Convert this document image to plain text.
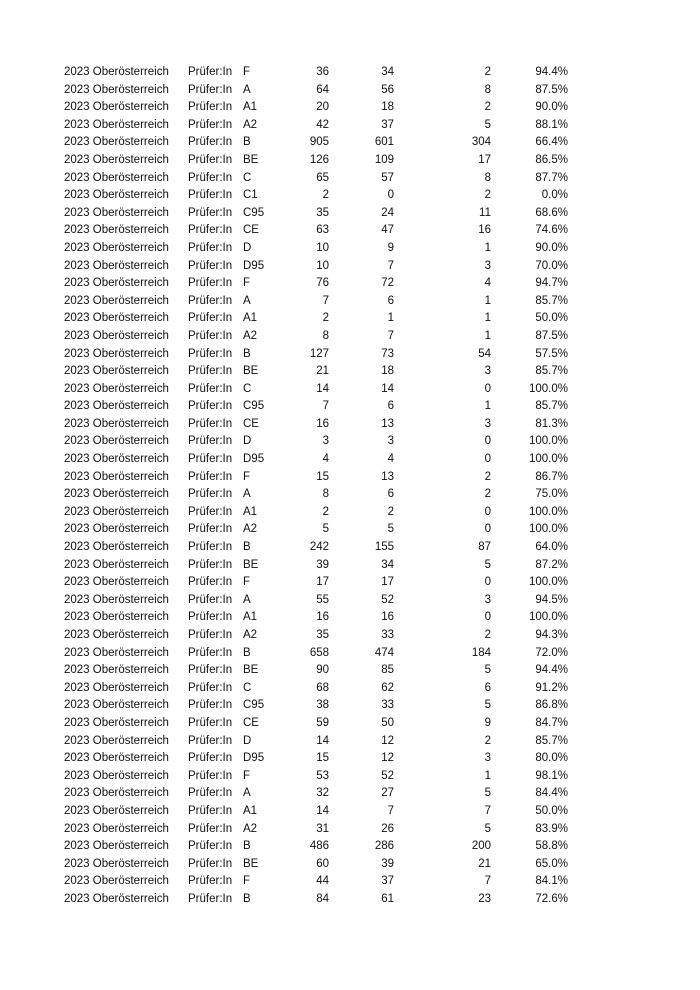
2023 Oberösterreich	Prüfer:In	F	36	34	2	94.4%
2023 Oberösterreich	Prüfer:In	A	64	56	8	87.5%
2023 Oberösterreich	Prüfer:In	A1	20	18	2	90.0%
2023 Oberösterreich	Prüfer:In	A2	42	37	5	88.1%
2023 Oberösterreich	Prüfer:In	B	905	601	304	66.4%
2023 Oberösterreich	Prüfer:In	BE	126	109	17	86.5%
2023 Oberösterreich	Prüfer:In	C	65	57	8	87.7%
2023 Oberösterreich	Prüfer:In	C1	2	0	2	0.0%
2023 Oberösterreich	Prüfer:In	C95	35	24	11	68.6%
2023 Oberösterreich	Prüfer:In	CE	63	47	16	74.6%
2023 Oberösterreich	Prüfer:In	D	10	9	1	90.0%
2023 Oberösterreich	Prüfer:In	D95	10	7	3	70.0%
2023 Oberösterreich	Prüfer:In	F	76	72	4	94.7%
2023 Oberösterreich	Prüfer:In	A	7	6	1	85.7%
2023 Oberösterreich	Prüfer:In	A1	2	1	1	50.0%
2023 Oberösterreich	Prüfer:In	A2	8	7	1	87.5%
2023 Oberösterreich	Prüfer:In	B	127	73	54	57.5%
2023 Oberösterreich	Prüfer:In	BE	21	18	3	85.7%
2023 Oberösterreich	Prüfer:In	C	14	14	0	100.0%
2023 Oberösterreich	Prüfer:In	C95	7	6	1	85.7%
2023 Oberösterreich	Prüfer:In	CE	16	13	3	81.3%
2023 Oberösterreich	Prüfer:In	D	3	3	0	100.0%
2023 Oberösterreich	Prüfer:In	D95	4	4	0	100.0%
2023 Oberösterreich	Prüfer:In	F	15	13	2	86.7%
2023 Oberösterreich	Prüfer:In	A	8	6	2	75.0%
2023 Oberösterreich	Prüfer:In	A1	2	2	0	100.0%
2023 Oberösterreich	Prüfer:In	A2	5	5	0	100.0%
2023 Oberösterreich	Prüfer:In	B	242	155	87	64.0%
2023 Oberösterreich	Prüfer:In	BE	39	34	5	87.2%
2023 Oberösterreich	Prüfer:In	F	17	17	0	100.0%
2023 Oberösterreich	Prüfer:In	A	55	52	3	94.5%
2023 Oberösterreich	Prüfer:In	A1	16	16	0	100.0%
2023 Oberösterreich	Prüfer:In	A2	35	33	2	94.3%
2023 Oberösterreich	Prüfer:In	B	658	474	184	72.0%
2023 Oberösterreich	Prüfer:In	BE	90	85	5	94.4%
2023 Oberösterreich	Prüfer:In	C	68	62	6	91.2%
2023 Oberösterreich	Prüfer:In	C95	38	33	5	86.8%
2023 Oberösterreich	Prüfer:In	CE	59	50	9	84.7%
2023 Oberösterreich	Prüfer:In	D	14	12	2	85.7%
2023 Oberösterreich	Prüfer:In	D95	15	12	3	80.0%
2023 Oberösterreich	Prüfer:In	F	53	52	1	98.1%
2023 Oberösterreich	Prüfer:In	A	32	27	5	84.4%
2023 Oberösterreich	Prüfer:In	A1	14	7	7	50.0%
2023 Oberösterreich	Prüfer:In	A2	31	26	5	83.9%
2023 Oberösterreich	Prüfer:In	B	486	286	200	58.8%
2023 Oberösterreich	Prüfer:In	BE	60	39	21	65.0%
2023 Oberösterreich	Prüfer:In	F	44	37	7	84.1%
2023 Oberösterreich	Prüfer:In	B	84	61	23	72.6%
